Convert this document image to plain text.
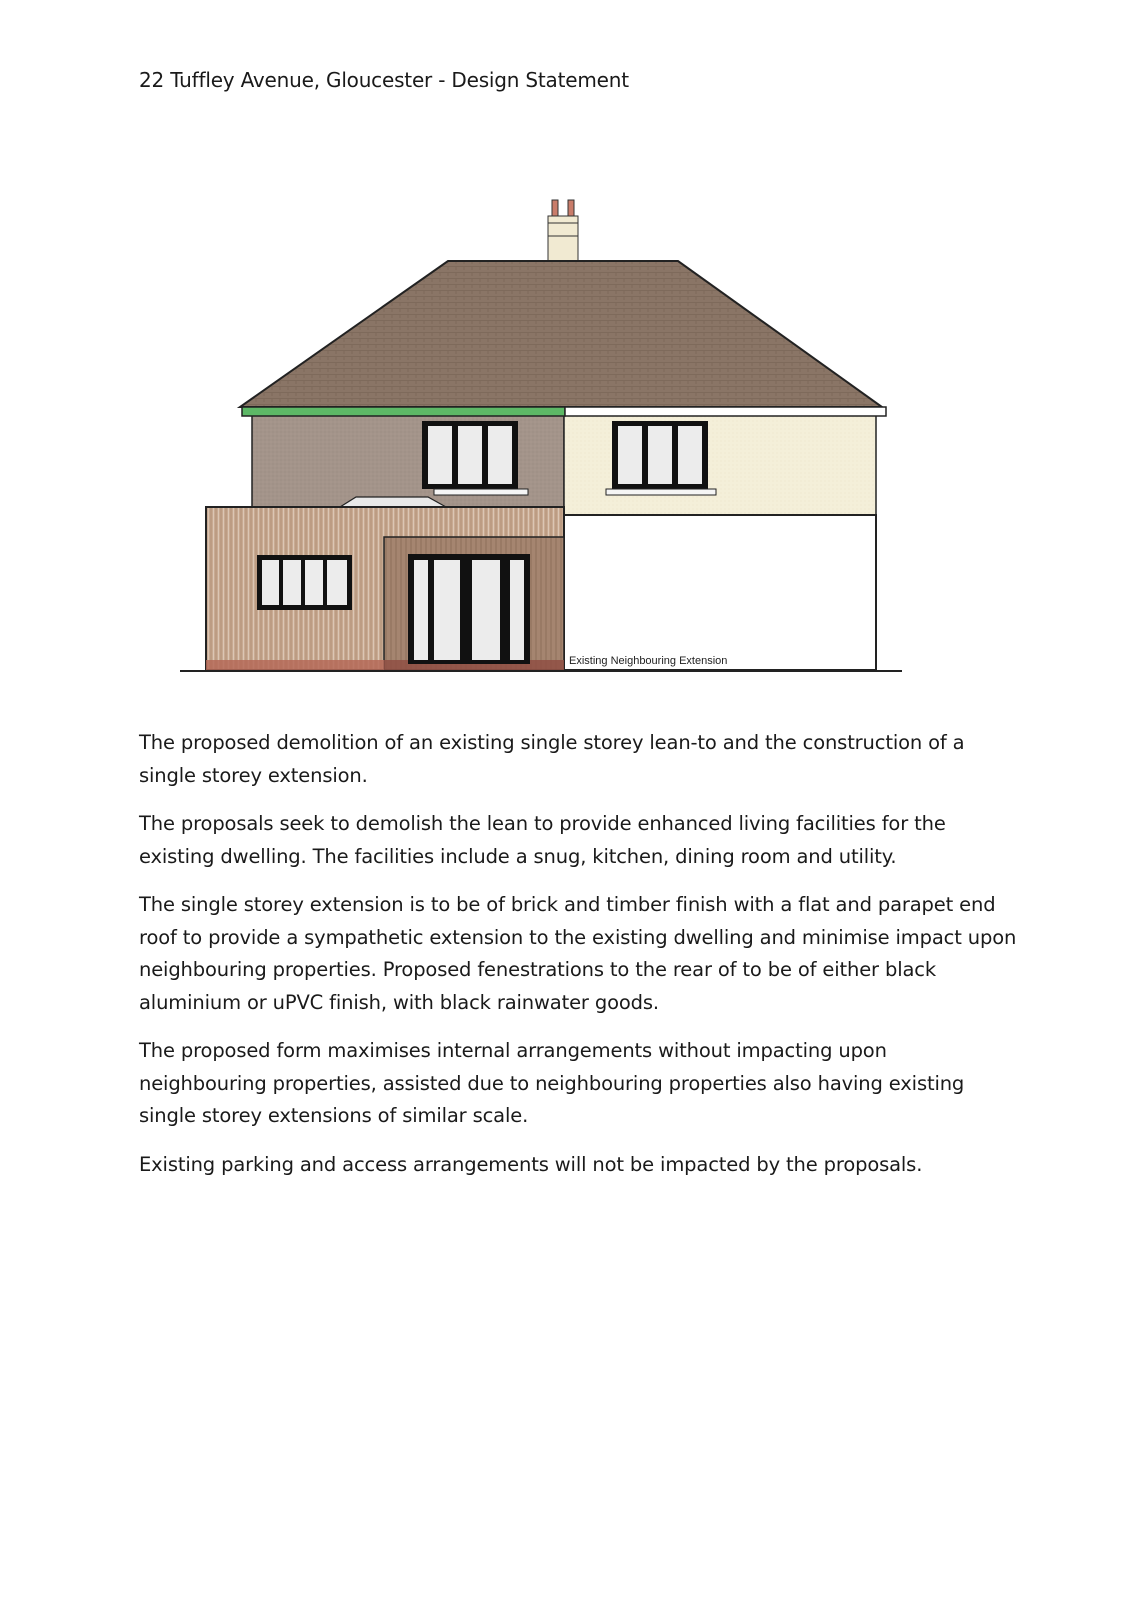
22 Tuffley Avenue, Gloucester - Design Statement
Existing Neighbouring Extension

The proposed demolition of an existing single storey lean-to and the construction of a single storey extension.

The proposals seek to demolish the lean to provide enhanced living facilities for the existing dwelling. The facilities include a snug, kitchen, dining room and utility.

The single storey extension is to be of brick and timber finish with a flat and parapet end roof to provide a sympathetic extension to the existing dwelling and minimise impact upon neighbouring properties. Proposed fenestrations to the rear of to be of either black aluminium or uPVC finish, with black rainwater goods.

The proposed form maximises internal arrangements without impacting upon neighbouring properties, assisted due to neighbouring properties also having existing single storey extensions of similar scale.

Existing parking and access arrangements will not be impacted by the proposals.
